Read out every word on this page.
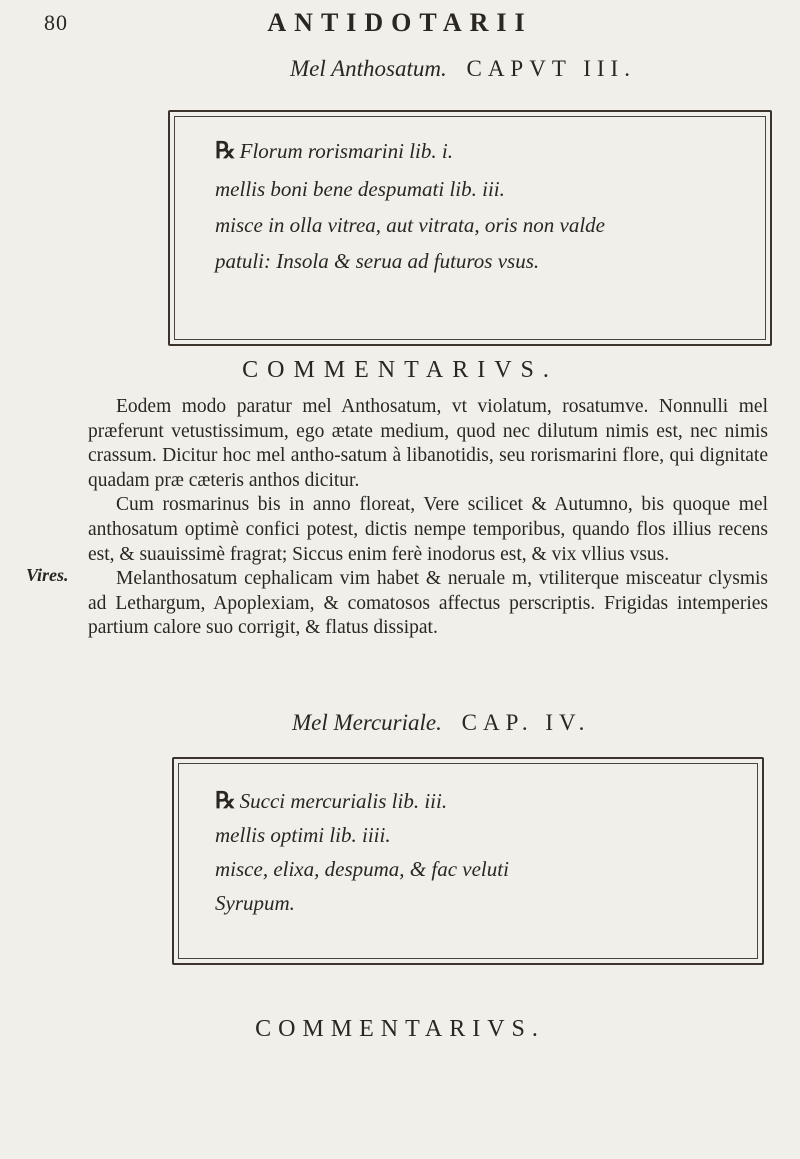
80	ANTIDOTARII
Mel Anthosatum. CAPVT III.
℞ Florum rorismarini lib. i.
mellis boni bene despumati lib. iii.
misce in olla vitrea, aut vitrata, oris non valde
patuli: Insola & serua ad futuros vsus.
COMMENTARIVS.

Eodem modo paratur mel Anthosatum, vt violatum, rosatumve. Nonnulli mel præferunt vetustissimum, ego ætate medium, quod nec dilutum nimis est, nec nimis crassum. Dicitur hoc mel antho-satum à libanotidis, seu rorismarini flore, qui dignitate quadam præ cæteris anthos dicitur.

Cum rosmarinus bis in anno floreat, Vere scilicet & Autumno, bis quoque mel anthosatum optimè confici potest, dictis nempe temporibus, quando flos illius recens est, & suauissimè fragrat; Siccus enim ferè inodorus est, & vix vllius vsus.

Melanthosatum cephalicam vim habet & neruale m, vtiliterque misceatur clysmis ad Lethargum, Apoplexiam, & comatosos affectus perscriptis. Frigidas intemperies partium calore suo corrigit, & flatus dissipat.

Vires.
Mel Mercuriale. CAP. IV.
℞ Succi mercurialis lib. iii.
mellis optimi lib. iiii.
misce, elixa, despuma, & fac veluti
Syrupum.
COMMENTARIVS.
